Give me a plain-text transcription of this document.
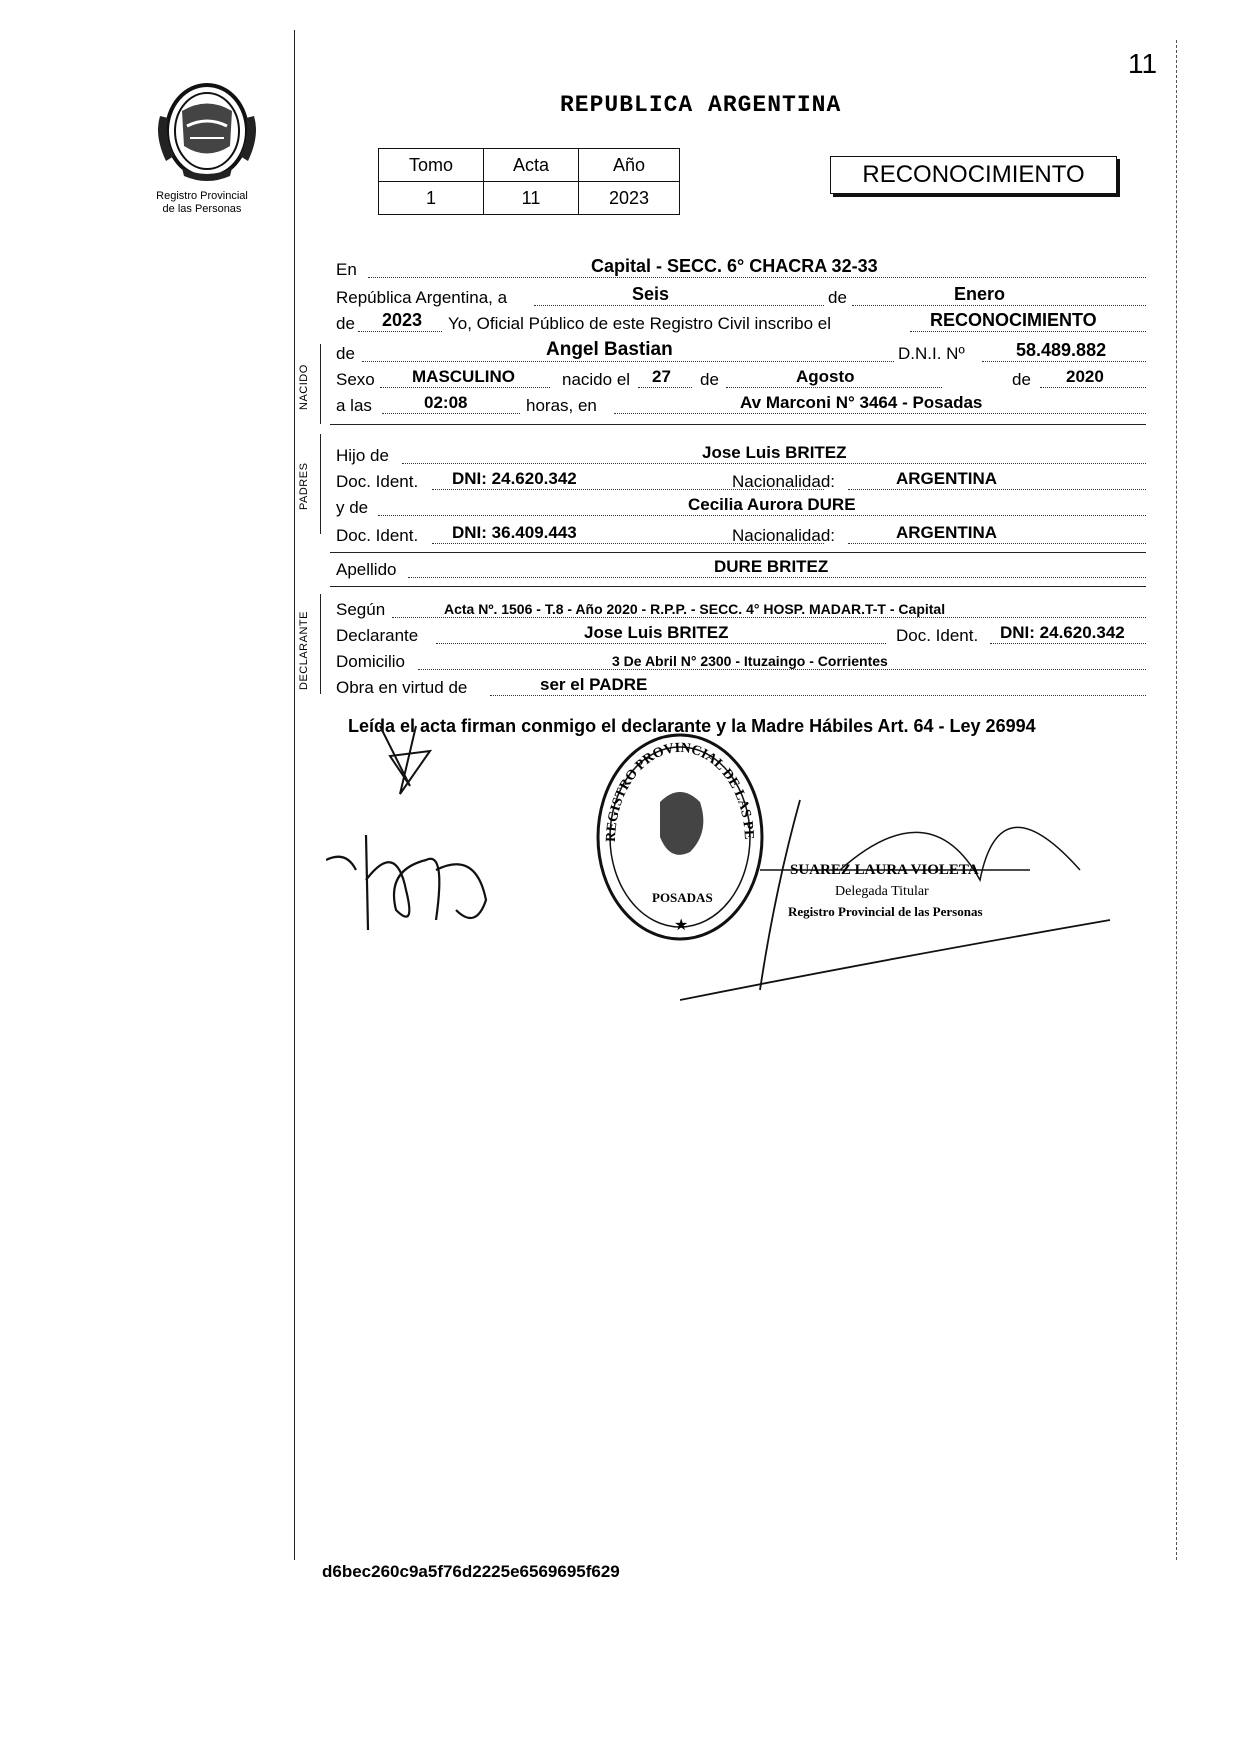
11
Registro Provincial
de las Personas
REPUBLICA ARGENTINA
Tomo	Acta	Año
1	11	2023
RECONOCIMIENTO
En	Capital - SECC. 6° CHACRA 32-33
República Argentina, a	Seis	de	Enero
de 2023 Yo, Oficial Público de este Registro Civil inscribo el	RECONOCIMIENTO
NACIDO
de	Angel Bastian	D.N.I. Nº	58.489.882
Sexo MASCULINO	nacido el 27 de	Agosto	de 2020
a las	02:08	horas, en	Av Marconi N° 3464 - Posadas
PADRES
Hijo de	Jose Luis BRITEZ
Doc. Ident. DNI: 24.620.342	Nacionalidad:	ARGENTINA
y de	Cecilia Aurora DURE
Doc. Ident. DNI: 36.409.443	Nacionalidad:	ARGENTINA
Apellido	DURE BRITEZ
DECLARANTE
Según	Acta Nº. 1506 - T.8 - Año 2020 - R.P.P. - SECC. 4° HOSP. MADAR.T-T - Capital
Declarante	Jose Luis BRITEZ	Doc. Ident. DNI: 24.620.342
Domicilio	3 De Abril N° 2300 - Ituzaingo - Corrientes
Obra en virtud de	ser el PADRE
Leída el acta firman conmigo el declarante y la Madre Hábiles Art. 64 - Ley 26994
REGISTRO PROVINCIAL DE LAS PE
POSADAS
★
SUAREZ LAURA VIOLETA
Delegada Titular
Registro Provincial de las Personas
d6bec260c9a5f76d2225e6569695f629
